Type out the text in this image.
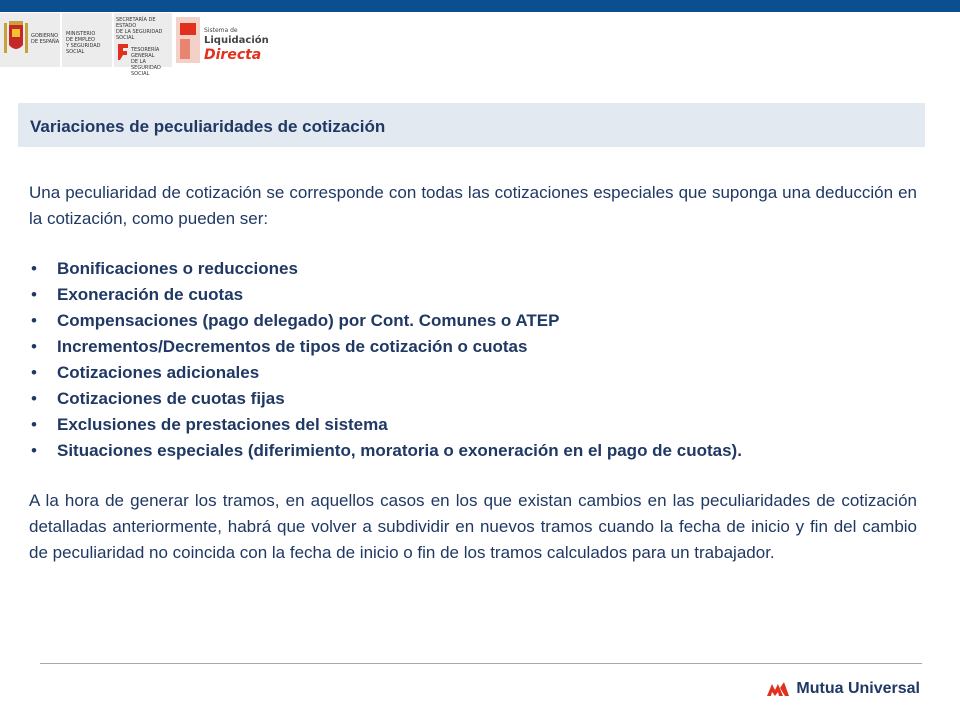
GOBIERNO
DE ESPAÑA
MINISTERIO
DE EMPLEO
Y SEGURIDAD SOCIAL
SECRETARÍA DE ESTADO
DE LA SEGURIDAD SOCIAL
TESORERÍA GENERAL
DE LA SEGURIDAD SOCIAL
Sistema de
Liquidación
Directa
Variaciones de peculiaridades de cotización

Una peculiaridad de cotización se corresponde con todas las cotizaciones especiales que suponga una deducción en la cotización, como pueden ser:

• Bonificaciones o reducciones
• Exoneración de cuotas
• Compensaciones (pago delegado) por Cont. Comunes o ATEP
• Incrementos/Decrementos de tipos de cotización o cuotas
• Cotizaciones adicionales
• Cotizaciones de cuotas fijas
• Exclusiones de prestaciones del sistema
• Situaciones especiales (diferimiento, moratoria o exoneración en el pago de cuotas).

A la hora de generar los tramos, en aquellos casos en los que existan cambios en las peculiaridades de cotización detalladas anteriormente, habrá que volver a subdividir en nuevos tramos cuando la fecha de inicio y fin del cambio de peculiaridad no coincida con la fecha de inicio o fin de los tramos calculados para un trabajador.

Mutua Universal
